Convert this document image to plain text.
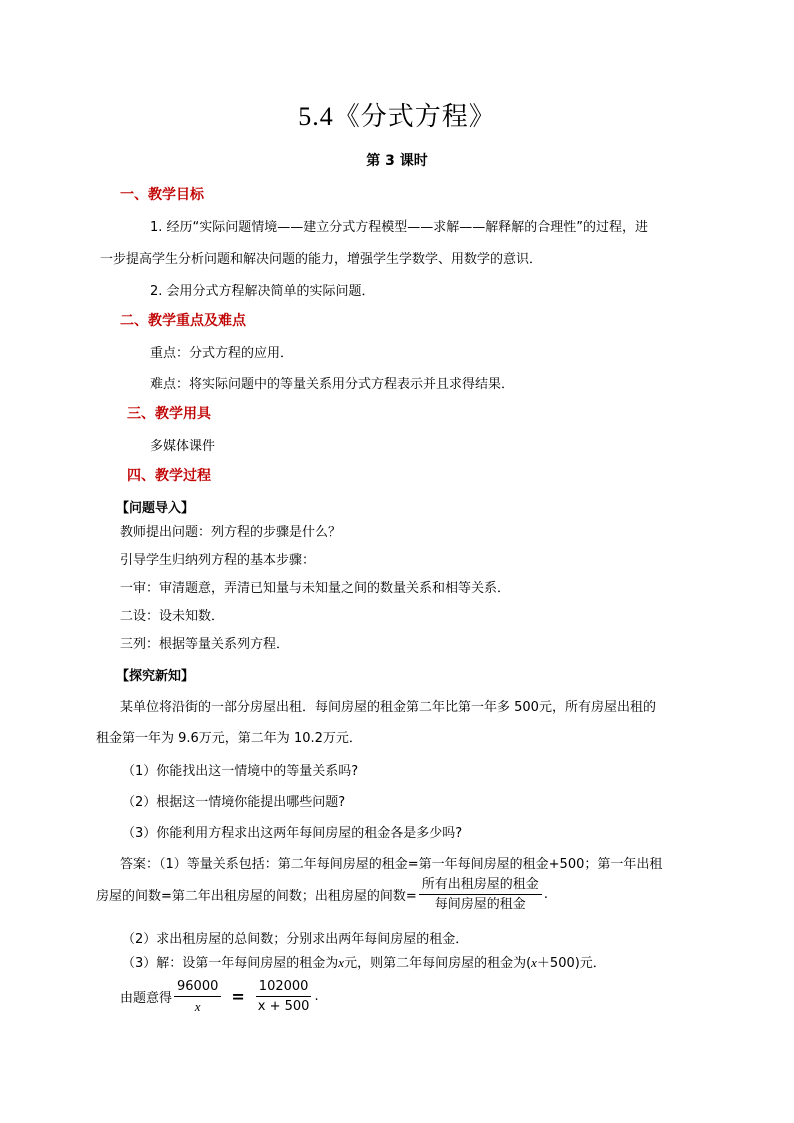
5.4《分式方程》
第 3 课时
一、教学目标
1. 经历“实际问题情境——建立分式方程模型——求解——解释解的合理性”的过程，进
一步提高学生分析问题和解决问题的能力，增强学生学数学、用数学的意识．
2. 会用分式方程解决简单的实际问题．
二、教学重点及难点
重点：分式方程的应用．
难点：将实际问题中的等量关系用分式方程表示并且求得结果．
三、教学用具
多媒体课件
四、教学过程
【问题导入】
教师提出问题：列方程的步骤是什么？
引导学生归纳列方程的基本步骤：
一审：审清题意，弄清已知量与未知量之间的数量关系和相等关系．
二设：设未知数．
三列：根据等量关系列方程．
【探究新知】
某单位将沿街的一部分房屋出租．每间房屋的租金第二年比第一年多 500元，所有房屋出租的
租金第一年为 9.6万元，第二年为 10.2万元．
（1）你能找出这一情境中的等量关系吗?
（2）根据这一情境你能提出哪些问题?
（3）你能利用方程求出这两年每间房屋的租金各是多少吗?
答案：（1）等量关系包括：第二年每间房屋的租金=第一年每间房屋的租金+500；第一年出租
房屋的间数=第二年出租房屋的间数；出租房屋的间数= $\frac{\text{所有出租房屋的租金}}{\text{每间房屋的租金}}$ .
（2）求出租房屋的总间数；分别求出两年每间房屋的租金．
（3）解：设第一年每间房屋的租金为x元，则第二年每间房屋的租金为(x＋500)元．
由题意得 $\frac{96000}{x} = \frac{102000}{x + 500}$ .
